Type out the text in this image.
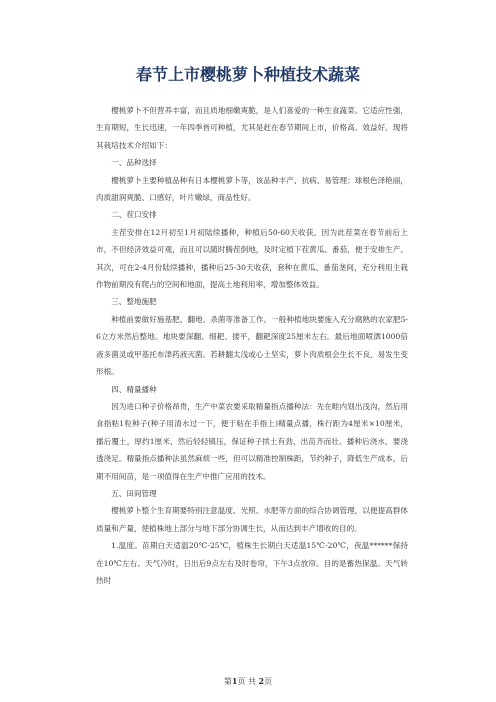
春节上市樱桃萝卜种植技术蔬菜

樱桃萝卜不但营养丰富，而且质地细嫩爽脆，是人们喜爱的一种生食蔬菜。它适应性强，生育期短，生长迅速，一年四季皆可种植，尤其是赶在春节期间上市，价格高、效益好。现将其栽培技术介绍如下：

一、品种选择

樱桃萝卜主要种植品种有日本樱桃萝卜等，该品种丰产、抗病、易管理；球根色泽艳丽，肉质甜润爽脆、口感好，叶片嫩绿，商品性好。

二、茬口安排

主茬安排在12月初至1月初陆续播种，种植后50-60天收获，因为此茬菜在春节前后上市，不但经济效益可观，而且可以随时腾茬倒地，及时定植下茬黄瓜、番茄，便于安排生产。其次，可在2-4月份陆续播种，播种后25-30天收获，套种在黄瓜、番茄垄间，充分利用主栽作物前期没有爬占的空间和地面，提高土地利用率，增加整体效益。

三、整地施肥

种植前要做好施基肥、翻地、杀菌等准备工作。一般种植地块要施入充分腐熟的农家肥5-6立方米然后整地。地块要深翻、细耙、搂平，翻耙深度25厘米左右。最后地面喷洒1000倍液多菌灵或甲基托布津药液灭菌。若耕翻太浅或心土坚实，萝卜肉质根会生长不良，易发生变形根。

四、精量播种

因为进口种子价格昂贵，生产中菜农要采取精量指点播种法：先在畦内划出浅沟，然后用食指粘1粒种子(种子用清水过一下，便于粘在手指上)精量点播，株行距为4厘米×10厘米，播后覆土，厚约1厘米，然后轻轻镇压，保证种子拱土有劲、出苗齐而壮。播种后浇水，要浇透浇足。精量指点播种法虽然麻烦一些，但可以精准控制株距，节约种子，降低生产成本，后期不用间苗，是一项值得在生产中推广应用的技术。

五、田间管理

樱桃萝卜整个生育期要特别注意温度、光照、水肥等方面的综合协调管理，以便提高群体质量和产量，使植株地上部分与地下部分协调生长，从而达到丰产增收的目的。

1.温度。苗期白天适温20℃-25℃，植株生长期白天适温15℃-20℃，夜温******保持在10℃左右。天气冷时，日出后9点左右及时卷帘，下午3点放帘。目的是蓄热保温。天气转热时

第1页 共 2页
